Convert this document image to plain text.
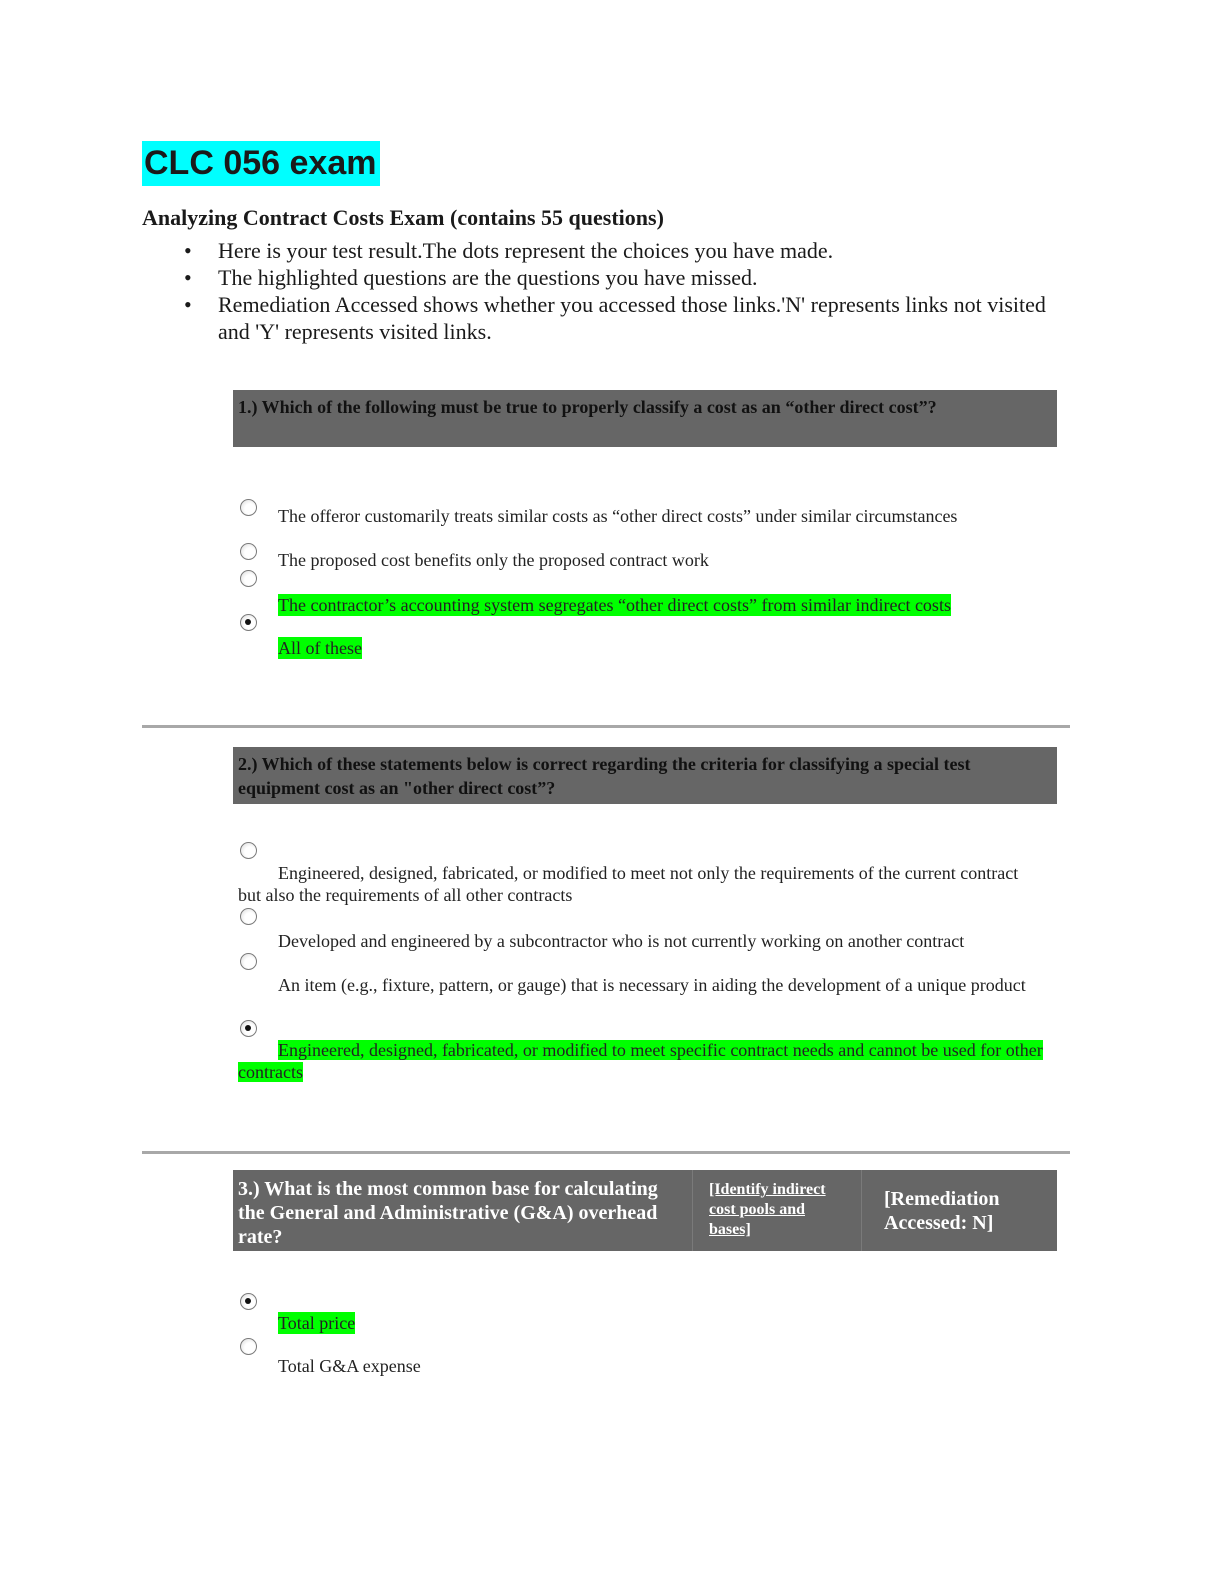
CLC 056 exam
Analyzing Contract Costs Exam (contains 55 questions)
• Here is your test result.The dots represent the choices you have made.
• The highlighted questions are the questions you have missed.
• Remediation Accessed shows whether you accessed those links.'N' represents links not visited and 'Y' represents visited links.
1.) Which of the following must be true to properly classify a cost as an “other direct cost”?
The offeror customarily treats similar costs as “other direct costs” under similar circumstances
The proposed cost benefits only the proposed contract work
The contractor’s accounting system segregates “other direct costs” from similar indirect costs
All of these
2.) Which of these statements below is correct regarding the criteria for classifying a special test equipment cost as an "other direct cost”?
Engineered, designed, fabricated, or modified to meet not only the requirements of the current contract but also the requirements of all other contracts
Developed and engineered by a subcontractor who is not currently working on another contract
An item (e.g., fixture, pattern, or gauge) that is necessary in aiding the development of a unique product
Engineered, designed, fabricated, or modified to meet specific contract needs and cannot be used for other contracts
3.) What is the most common base for calculating the General and Administrative (G&A) overhead rate?
[Identify indirect cost pools and bases]
[Remediation Accessed: N]
Total price
Total G&A expense
